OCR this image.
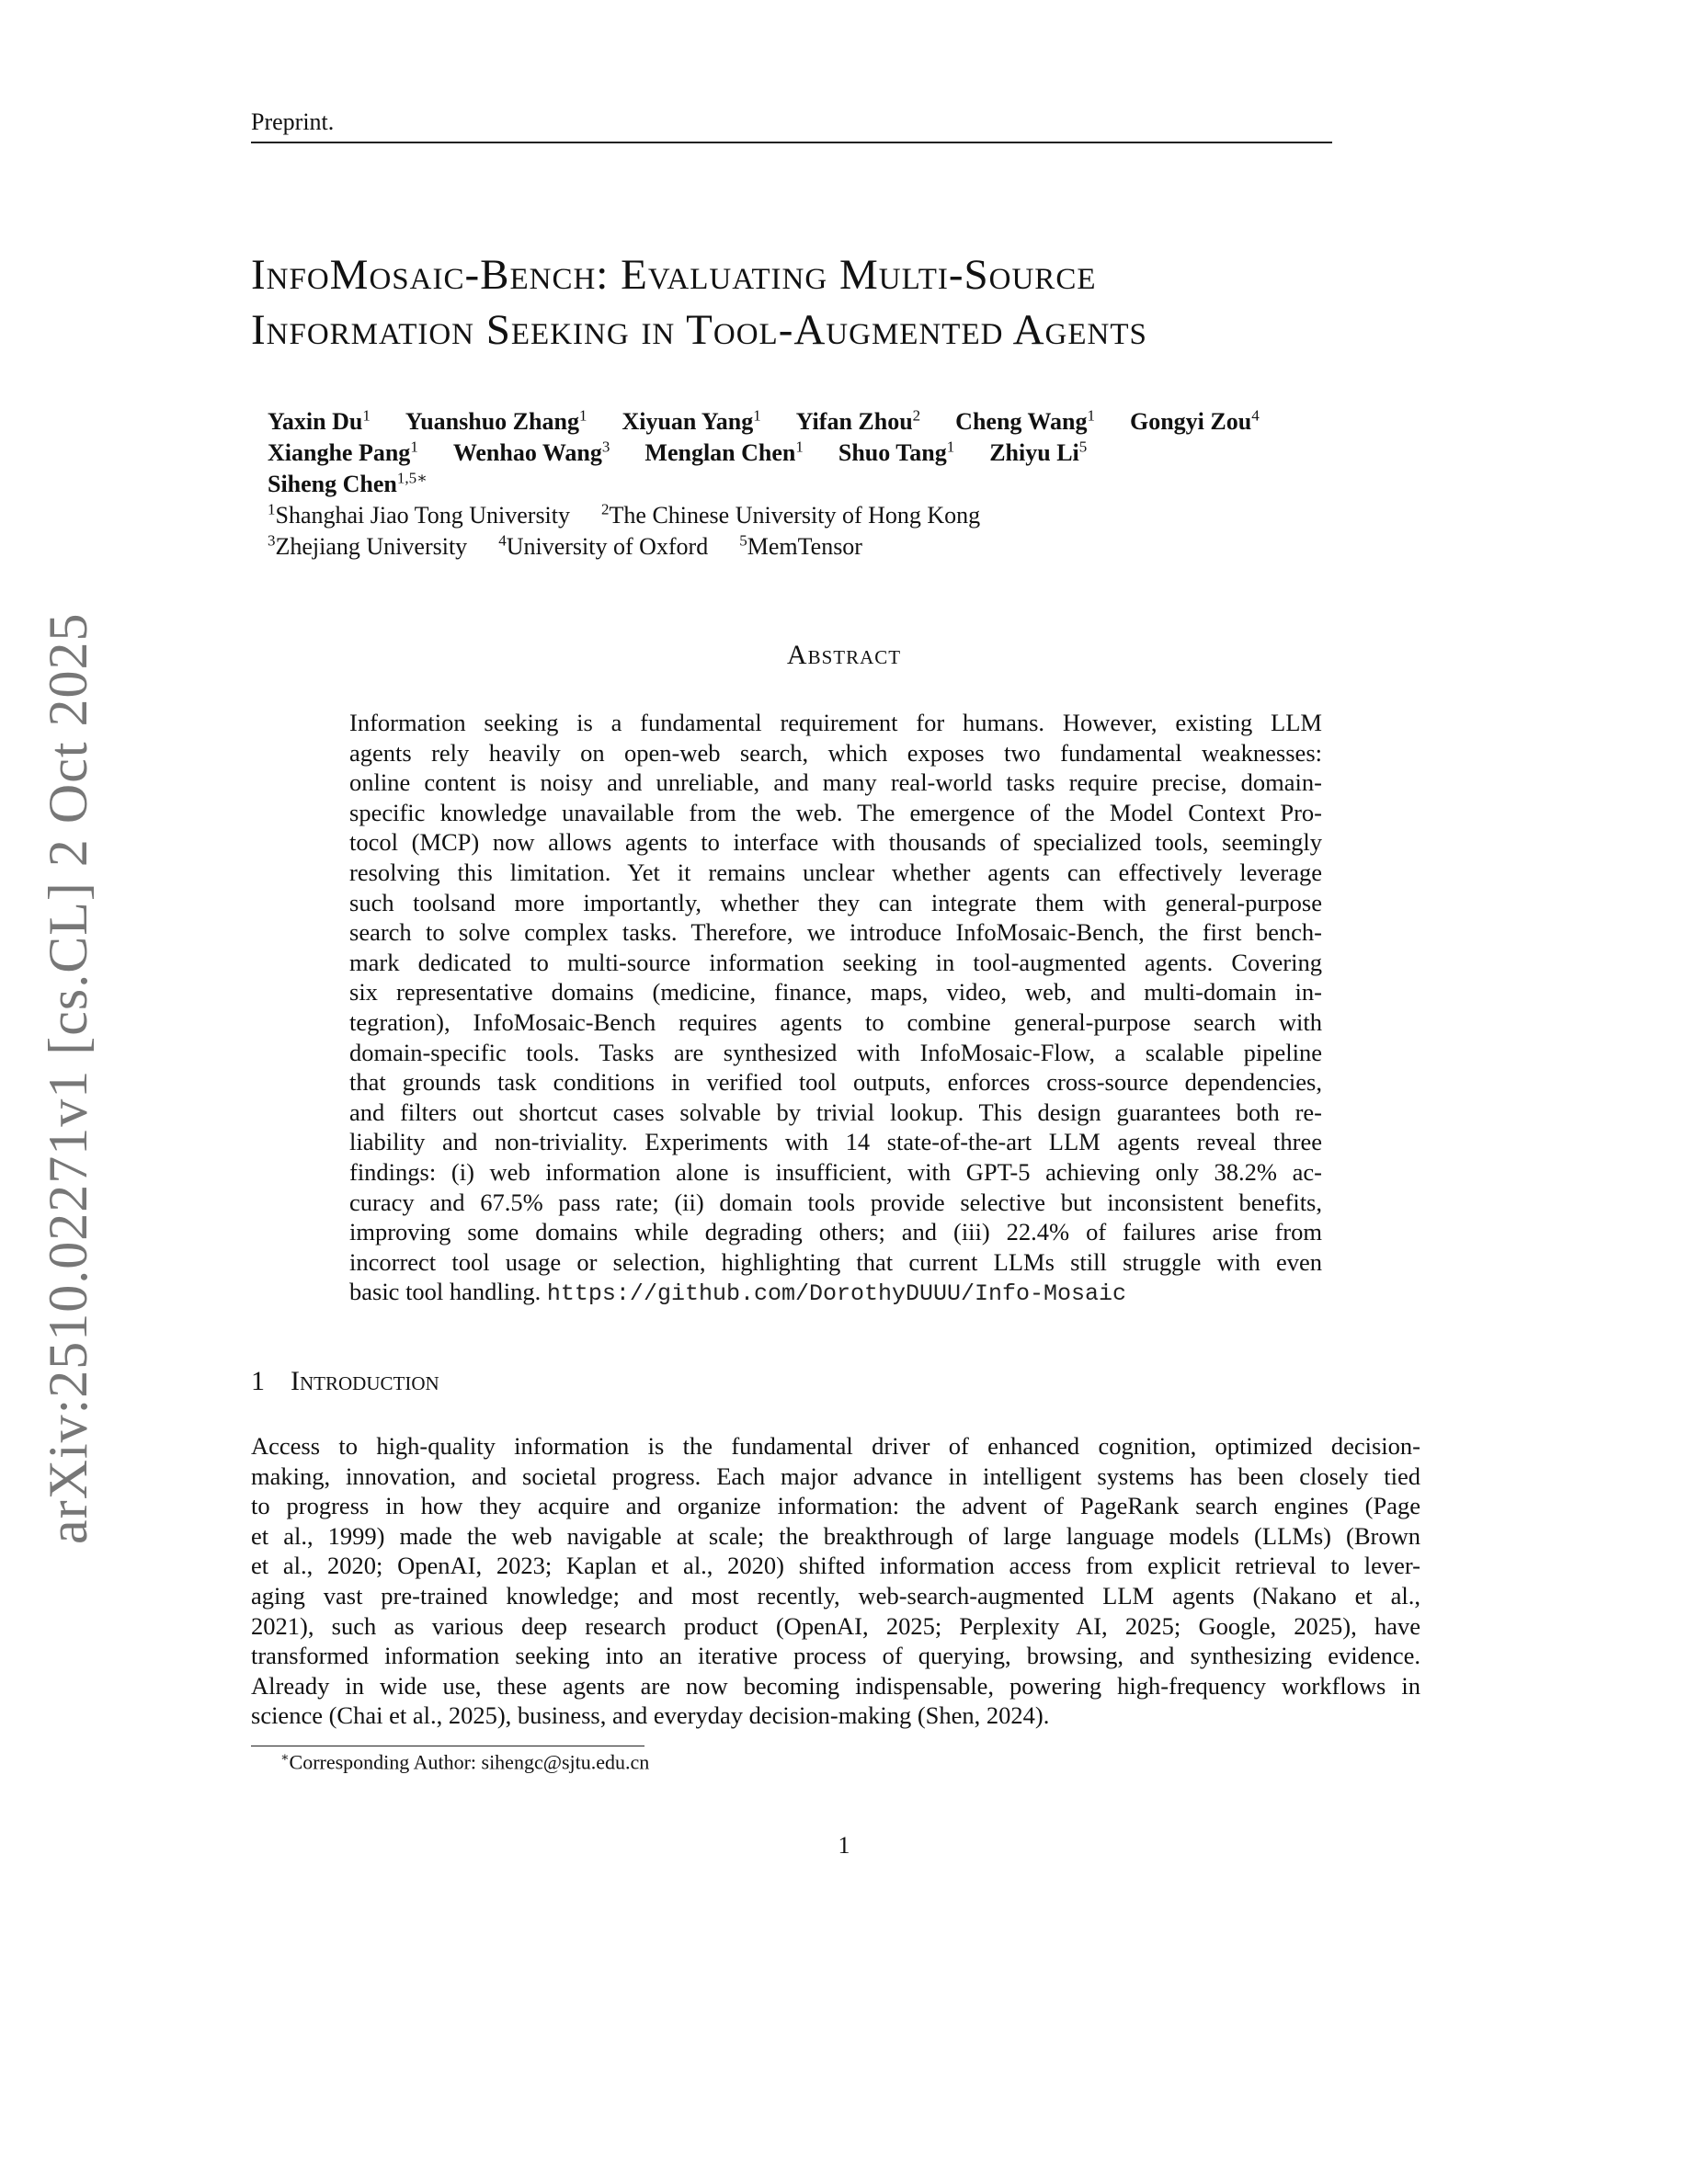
Preprint.
InfoMosaic-Bench: Evaluating Multi-Source
Information Seeking in Tool-Augmented Agents
Yaxin Du$^1$ Yuanshuo Zhang$^1$ Xiyuan Yang$^1$ Yifan Zhou$^2$ Cheng Wang$^1$ Gongyi Zou$^4$
Xianghe Pang$^1$ Wenhao Wang$^3$ Menglan Chen$^1$ Shuo Tang$^1$ Zhiyu Li$^5$
Siheng Chen$^{1,5∗}$
$^1$Shanghai Jiao Tong University $^2$The Chinese University of Hong Kong
$^3$Zhejiang University $^4$University of Oxford $^5$MemTensor
Abstract
Information seeking is a fundamental requirement for humans. However, existing LLM
agents rely heavily on open-web search, which exposes two fundamental weaknesses:
online content is noisy and unreliable, and many real-world tasks require precise, domain-
specific knowledge unavailable from the web. The emergence of the Model Context Pro-
tocol (MCP) now allows agents to interface with thousands of specialized tools, seemingly
resolving this limitation. Yet it remains unclear whether agents can effectively leverage
such toolsand more importantly, whether they can integrate them with general-purpose
search to solve complex tasks. Therefore, we introduce InfoMosaic-Bench, the first bench-
mark dedicated to multi-source information seeking in tool-augmented agents. Covering
six representative domains (medicine, finance, maps, video, web, and multi-domain in-
tegration), InfoMosaic-Bench requires agents to combine general-purpose search with
domain-specific tools. Tasks are synthesized with InfoMosaic-Flow, a scalable pipeline
that grounds task conditions in verified tool outputs, enforces cross-source dependencies,
and filters out shortcut cases solvable by trivial lookup. This design guarantees both re-
liability and non-triviality. Experiments with 14 state-of-the-art LLM agents reveal three
findings: (i) web information alone is insufficient, with GPT-5 achieving only 38.2% ac-
curacy and 67.5% pass rate; (ii) domain tools provide selective but inconsistent benefits,
improving some domains while degrading others; and (iii) 22.4% of failures arise from
incorrect tool usage or selection, highlighting that current LLMs still struggle with even
basic tool handling. https://github.com/DorothyDUUU/Info-Mosaic
1 Introduction
Access to high-quality information is the fundamental driver of enhanced cognition, optimized decision-
making, innovation, and societal progress. Each major advance in intelligent systems has been closely tied
to progress in how they acquire and organize information: the advent of PageRank search engines (Page
et al., 1999) made the web navigable at scale; the breakthrough of large language models (LLMs) (Brown
et al., 2020; OpenAI, 2023; Kaplan et al., 2020) shifted information access from explicit retrieval to lever-
aging vast pre-trained knowledge; and most recently, web-search-augmented LLM agents (Nakano et al.,
2021), such as various deep research product (OpenAI, 2025; Perplexity AI, 2025; Google, 2025), have
transformed information seeking into an iterative process of querying, browsing, and synthesizing evidence.
Already in wide use, these agents are now becoming indispensable, powering high-frequency workflows in
science (Chai et al., 2025), business, and everyday decision-making (Shen, 2024).
∗Corresponding Author: sihengc@sjtu.edu.cn
1
arXiv:2510.02271v1 [cs.CL] 2 Oct 2025
